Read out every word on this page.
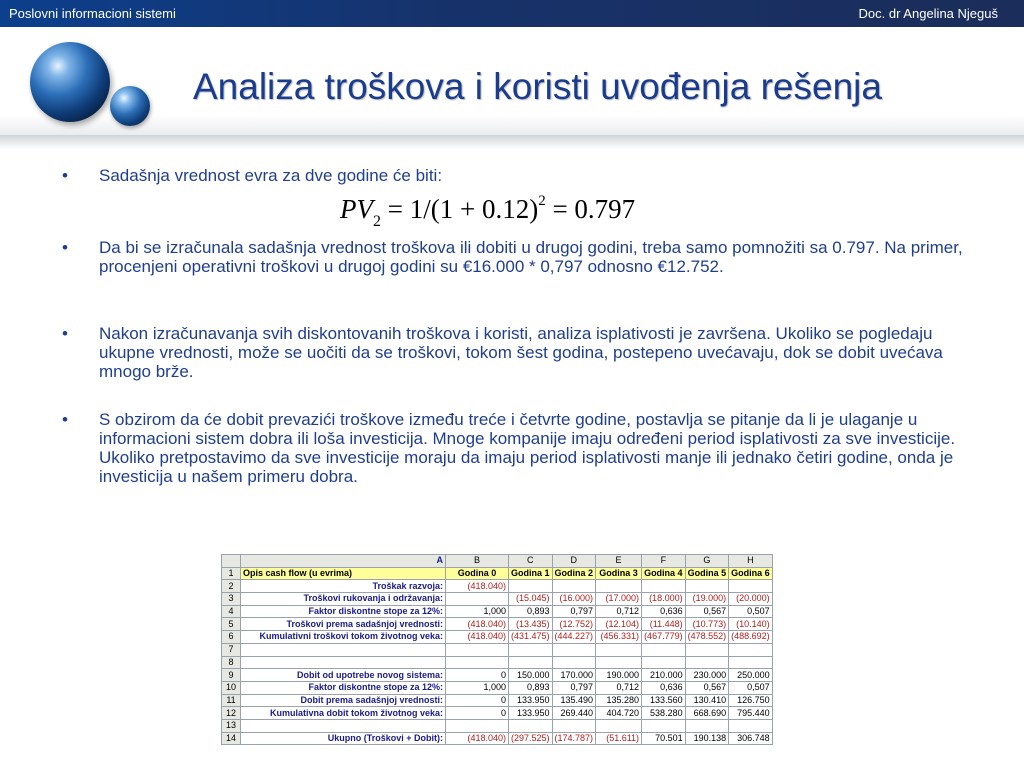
Poslovni informacioni sistemi	Doc. dr Angelina Njeguš
Analiza troškova i koristi uvođenja rešenja
• Sadašnja vrednost evra za dve godine će biti:
• Da bi se izračunala sadašnja vrednost troškova ili dobiti u drugoj godini, treba samo pomnožiti sa 0.797. Na primer, procenjeni operativni troškovi u drugoj godini su €16.000 * 0,797 odnosno €12.752.
• Nakon izračunavanja svih diskontovanih troškova i koristi, analiza isplativosti je završena. Ukoliko se pogledaju ukupne vrednosti, može se uočiti da se troškovi, tokom šest godina, postepeno uvećavaju, dok se dobit uvećava mnogo brže.
• S obzirom da će dobit prevazići troškove između treće i četvrte godine, postavlja se pitanje da li je ulaganje u informacioni sistem dobra ili loša investicija. Mnoge kompanije imaju određeni period isplativosti za sve investicije. Ukoliko pretpostavimo da sve investicije moraju da imaju period isplativosti manje ili jednako četiri godine, onda je investicija u našem primeru dobra.
$PV_2 = 1/(1 + 0.12)^2 = 0.797$
	A	B	C	D	E	F	G	H
1	Opis cash flow (u evrima)	Godina 0	Godina 1	Godina 2	Godina 3	Godina 4	Godina 5	Godina 6
2	Troškak razvoja:	(418.040)						
3	Troškovi rukovanja i održavanja:		(15.045)	(16.000)	(17.000)	(18.000)	(19.000)	(20.000)
4	Faktor diskontne stope za 12%:	1,000	0,893	0,797	0,712	0,636	0,567	0,507
5	Troškovi prema sadašnjoj vrednosti:	(418.040)	(13.435)	(12.752)	(12.104)	(11.448)	(10.773)	(10.140)
6	Kumulativni troškovi tokom životnog veka:	(418.040)	(431.475)	(444.227)	(456.331)	(467.779)	(478.552)	(488.692)
7								
8								
9	Dobit od upotrebe novog sistema:	0	150.000	170.000	190.000	210.000	230.000	250.000
10	Faktor diskontne stope za 12%:	1,000	0,893	0,797	0,712	0,636	0,567	0,507
11	Dobit prema sadašnjoj vrednosti:	0	133.950	135.490	135.280	133.560	130.410	126.750
12	Kumulativna dobit tokom životnog veka:	0	133.950	269.440	404.720	538.280	668.690	795.440
13								
14	Ukupno (Troškovi + Dobit):	(418.040)	(297.525)	(174.787)	(51.611)	70.501	190.138	306.748
